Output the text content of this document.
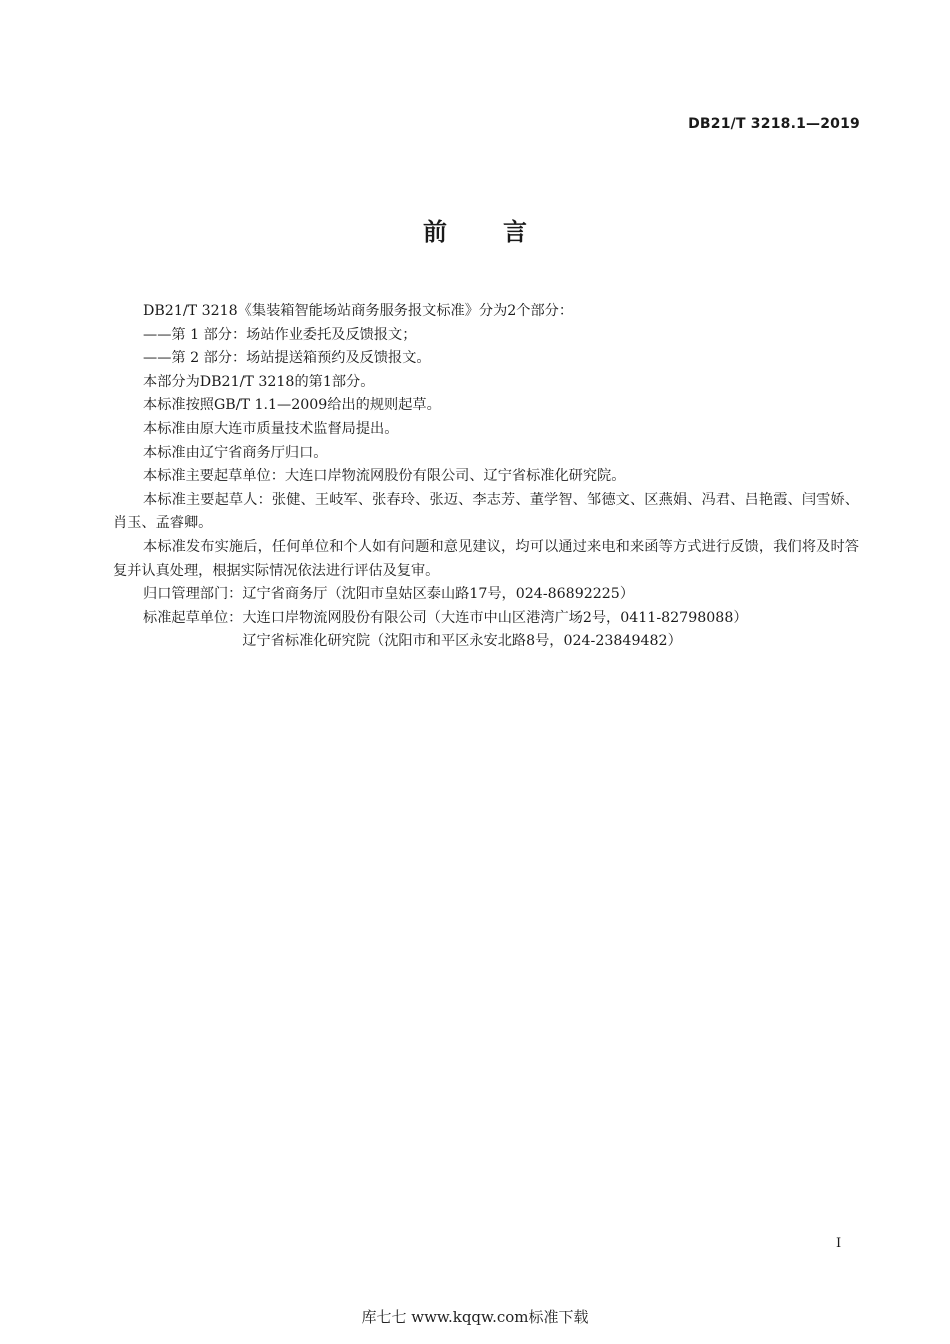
DB21/T 3218.1—2019
前言

DB21/T 3218《集装箱智能场站商务服务报文标准》分为2个部分：

——第 1 部分：场站作业委托及反馈报文；

——第 2 部分：场站提送箱预约及反馈报文。

本部分为DB21/T 3218的第1部分。

本标准按照GB/T 1.1—2009给出的规则起草。

本标准由原大连市质量技术监督局提出。

本标准由辽宁省商务厅归口。

本标准主要起草单位：大连口岸物流网股份有限公司、辽宁省标准化研究院。

本标准主要起草人：张健、王岐军、张春玲、张迈、李志芳、董学智、邹德文、区燕娟、冯君、吕艳霞、闫雪娇、肖玉、孟睿卿。

本标准发布实施后，任何单位和个人如有问题和意见建议，均可以通过来电和来函等方式进行反馈，我们将及时答复并认真处理，根据实际情况依法进行评估及复审。

归口管理部门：辽宁省商务厅（沈阳市皇姑区泰山路17号，024-86892225）

标准起草单位： 大连口岸物流网股份有限公司（大连市中山区港湾广场2号，0411-82798088）
辽宁省标准化研究院（沈阳市和平区永安北路8号，024-23849482）
I
库七七 www.kqqw.com标准下载
